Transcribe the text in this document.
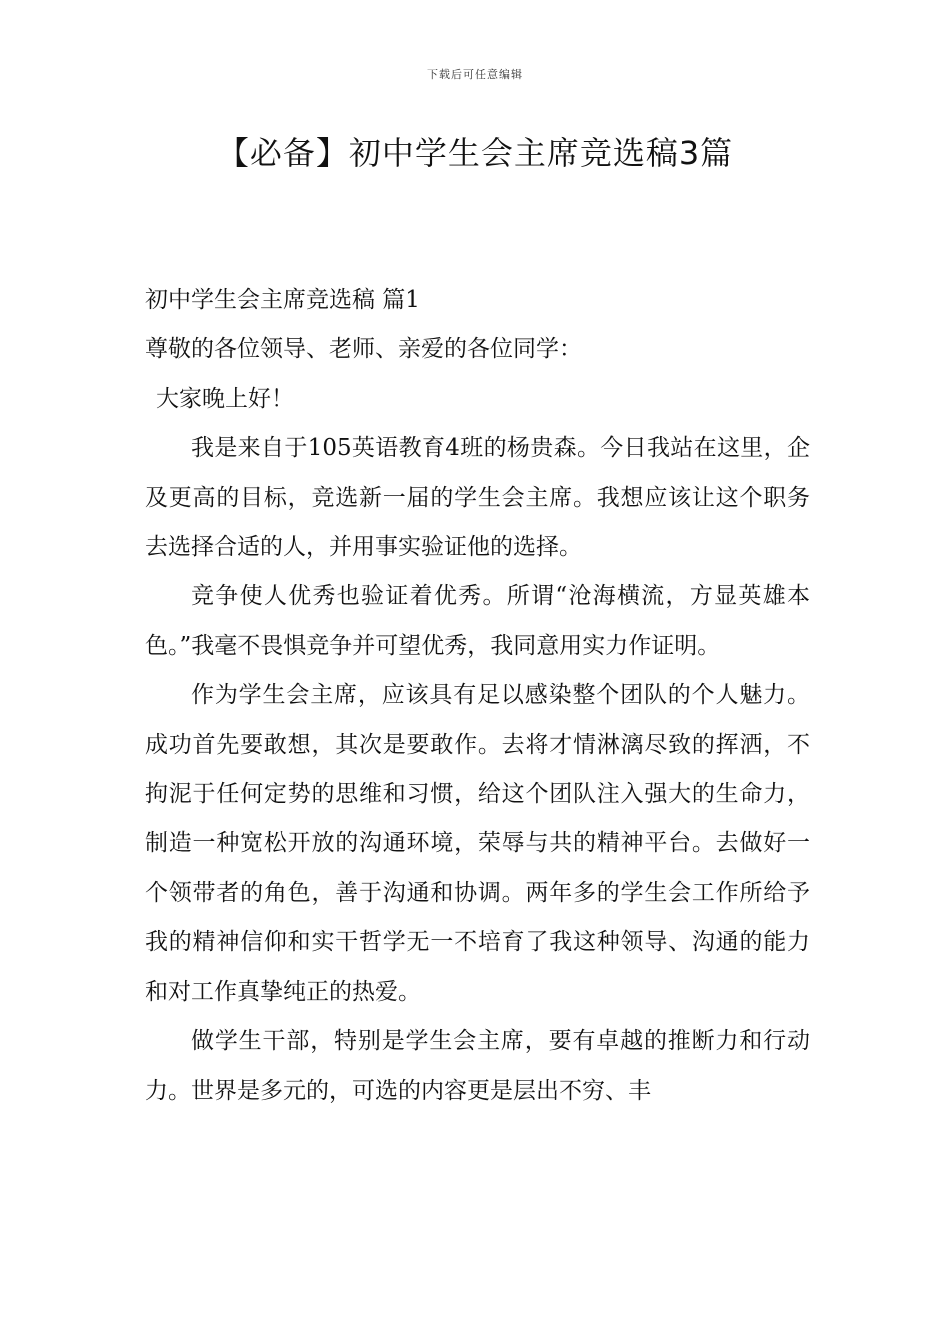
下载后可任意编辑
【必备】初中学生会主席竞选稿3篇

初中学生会主席竞选稿 篇1

尊敬的各位领导、老师、亲爱的各位同学：

大家晚上好！

我是来自于105英语教育4班的杨贵森。今日我站在这里，企及更高的目标，竞选新一届的学生会主席。我想应该让这个职务去选择合适的人，并用事实验证他的选择。

竞争使人优秀也验证着优秀。所谓“沧海横流，方显英雄本色。”我毫不畏惧竞争并可望优秀，我同意用实力作证明。

作为学生会主席，应该具有足以感染整个团队的个人魅力。成功首先要敢想，其次是要敢作。去将才情淋漓尽致的挥洒，不拘泥于任何定势的思维和习惯，给这个团队注入强大的生命力，制造一种宽松开放的沟通环境，荣辱与共的精神平台。去做好一个领带者的角色，善于沟通和协调。两年多的学生会工作所给予我的精神信仰和实干哲学无一不培育了我这种领导、沟通的能力和对工作真挚纯正的热爱。

做学生干部，特别是学生会主席，要有卓越的推断力和行动力。世界是多元的，可选的内容更是层出不穷、丰
